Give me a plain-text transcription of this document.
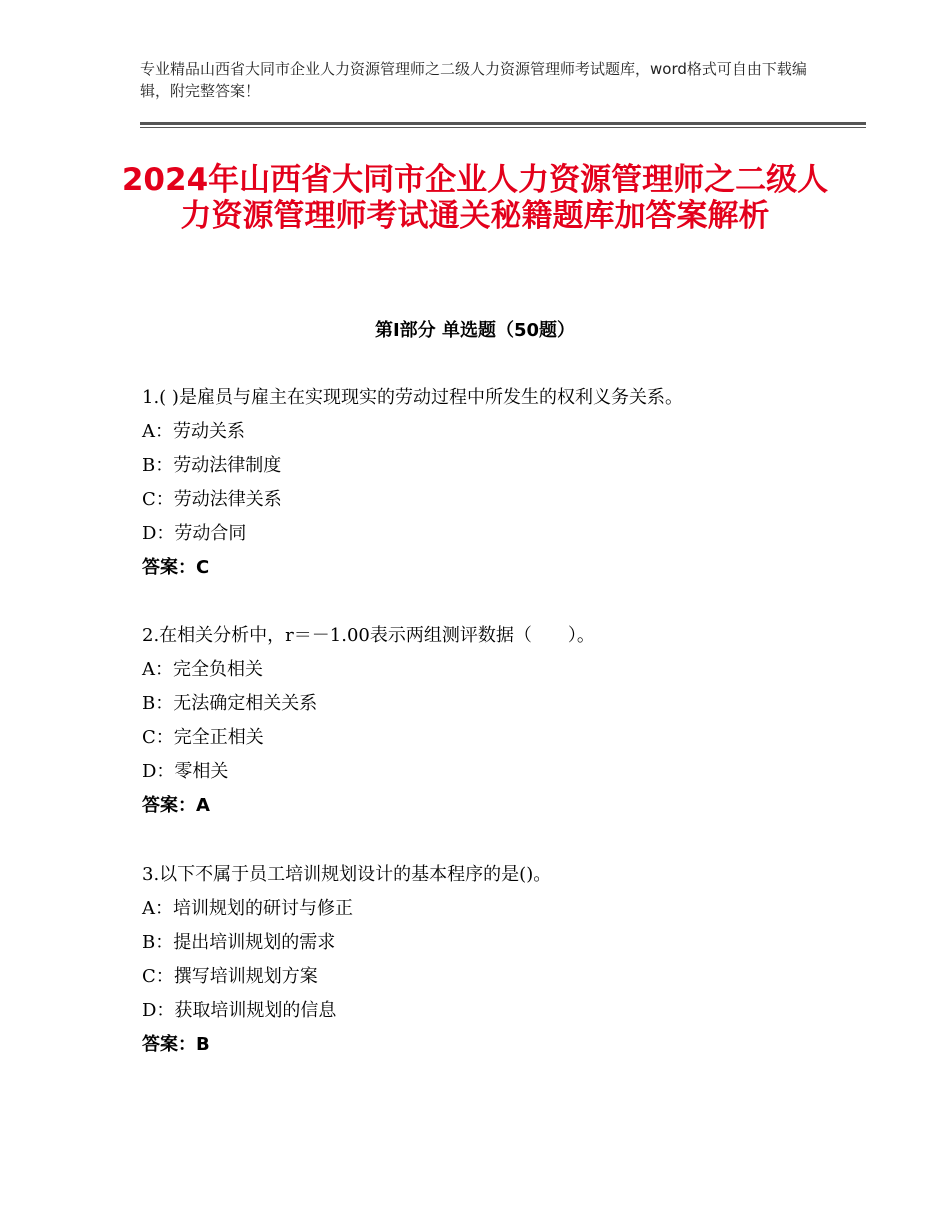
专业精品山西省大同市企业人力资源管理师之二级人力资源管理师考试题库，word格式可自由下载编辑，附完整答案！
2024年山西省大同市企业人力资源管理师之二级人力资源管理师考试通关秘籍题库加答案解析
第Ⅰ部分 单选题（50题）
1.( )是雇员与雇主在实现现实的劳动过程中所发生的权利义务关系。
A：劳动关系
B：劳动法律制度
C：劳动法律关系
D：劳动合同
答案：C
2.在相关分析中，r＝－1.00表示两组测评数据（　　）。
A：完全负相关
B：无法确定相关关系
C：完全正相关
D：零相关
答案：A
3.以下不属于员工培训规划设计的基本程序的是()。
A：培训规划的研讨与修正
B：提出培训规划的需求
C：撰写培训规划方案
D：获取培训规划的信息
答案：B
